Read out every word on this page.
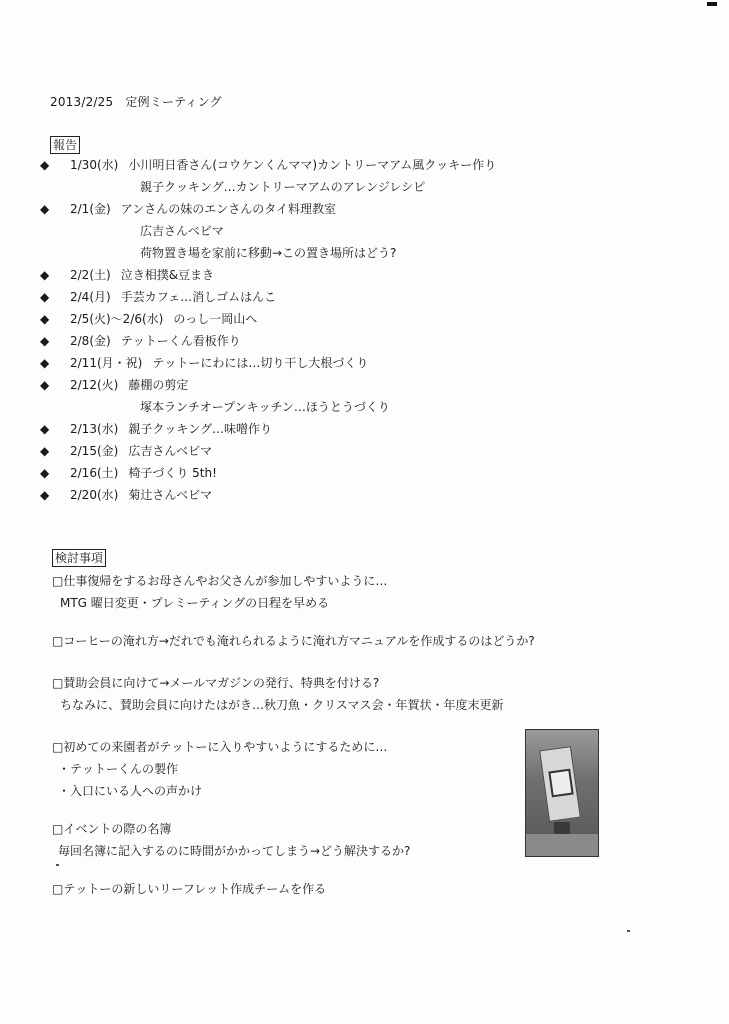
2013/2/25 定例ミーティング
報告
◆ 1/30(水) 小川明日香さん(コウケンくんママ)カントリーマアム風クッキー作り
親子クッキング…カントリーマアムのアレンジレシピ
◆ 2/1(金) アンさんの妹のエンさんのタイ料理教室
広吉さんベビマ
荷物置き場を家前に移動→この置き場所はどう?
◆ 2/2(土) 泣き相撲&豆まき
◆ 2/4(月) 手芸カフェ…消しゴムはんこ
◆ 2/5(火)〜2/6(水) のっし一岡山へ
◆ 2/8(金) テットーくん看板作り
◆ 2/11(月・祝) テットーにわには…切り干し大根づくり
◆ 2/12(火) 藤棚の剪定
塚本ランチオープンキッチン…ほうとうづくり
◆ 2/13(水) 親子クッキング…味噌作り
◆ 2/15(金) 広吉さんベビマ
◆ 2/16(土) 椅子づくり 5th!
◆ 2/20(水) 菊辻さんベビマ
検討事項
□仕事復帰をするお母さんやお父さんが参加しやすいように…
MTG 曜日変更・プレミーティングの日程を早める
□コーヒーの淹れ方→だれでも淹れられるように淹れ方マニュアルを作成するのはどうか?
□賛助会員に向けて→メールマガジンの発行、特典を付ける?
ちなみに、賛助会員に向けたはがき…秋刀魚・クリスマス会・年賀状・年度末更新
□初めての来園者がテットーに入りやすいようにするために…
・テットーくんの製作
・入口にいる人への声かけ
□イベントの際の名簿
毎回名簿に記入するのに時間がかかってしまう→どう解決するか?
□テットーの新しいリーフレット作成チームを作る
